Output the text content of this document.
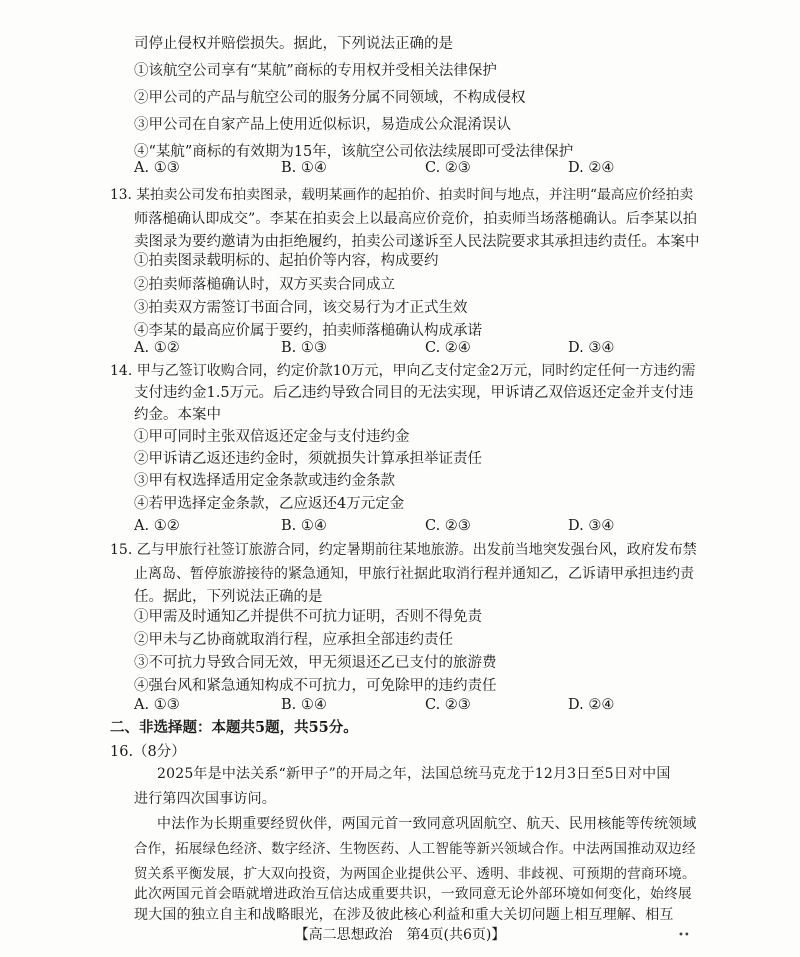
司停止侵权并赔偿损失。据此，下列说法正确的是
①该航空公司享有“某航”商标的专用权并受相关法律保护
②甲公司的产品与航空公司的服务分属不同领域，不构成侵权
③甲公司在自家产品上使用近似标识，易造成公众混淆误认
④“某航”商标的有效期为15年，该航空公司依法续展即可受法律保护
A. ①③	B. ①④	C. ②③	D. ②④
13. 某拍卖公司发布拍卖图录，载明某画作的起拍价、拍卖时间与地点，并注明“最高应价经拍卖
师落槌确认即成交”。李某在拍卖会上以最高应价竞价，拍卖师当场落槌确认。后李某以拍
卖图录为要约邀请为由拒绝履约，拍卖公司遂诉至人民法院要求其承担违约责任。本案中
①拍卖图录载明标的、起拍价等内容，构成要约
②拍卖师落槌确认时，双方买卖合同成立
③拍卖双方需签订书面合同，该交易行为才正式生效
④李某的最高应价属于要约，拍卖师落槌确认构成承诺
A. ①②	B. ①③	C. ②④	D. ③④
14. 甲与乙签订收购合同，约定价款10万元，甲向乙支付定金2万元，同时约定任何一方违约需
支付违约金1.5万元。后乙违约导致合同目的无法实现，甲诉请乙双倍返还定金并支付违
约金。本案中
①甲可同时主张双倍返还定金与支付违约金
②甲诉请乙返还违约金时，须就损失计算承担举证责任
③甲有权选择适用定金条款或违约金条款
④若甲选择定金条款，乙应返还4万元定金
A. ①②	B. ①④	C. ②③	D. ③④
15. 乙与甲旅行社签订旅游合同，约定暑期前往某地旅游。出发前当地突发强台风，政府发布禁
止离岛、暂停旅游接待的紧急通知，甲旅行社据此取消行程并通知乙，乙诉请甲承担违约责
任。据此，下列说法正确的是
①甲需及时通知乙并提供不可抗力证明，否则不得免责
②甲未与乙协商就取消行程，应承担全部违约责任
③不可抗力导致合同无效，甲无须退还乙已支付的旅游费
④强台风和紧急通知构成不可抗力，可免除甲的违约责任
A. ①③	B. ①④	C. ②③	D. ②④
二、非选择题：本题共5题，共55分。
16.（8分）
2025年是中法关系“新甲子”的开局之年，法国总统马克龙于12月3日至5日对中国
进行第四次国事访问。
中法作为长期重要经贸伙伴，两国元首一致同意巩固航空、航天、民用核能等传统领域
合作，拓展绿色经济、数字经济、生物医药、人工智能等新兴领域合作。中法两国推动双边经
贸关系平衡发展，扩大双向投资，为两国企业提供公平、透明、非歧视、可预期的营商环境。
此次两国元首会晤就增进政治互信达成重要共识，一致同意无论外部环境如何变化，始终展
现大国的独立自主和战略眼光，在涉及彼此核心利益和重大关切问题上相互理解、相互
【高二思想政治　第4页(共6页)】	••
